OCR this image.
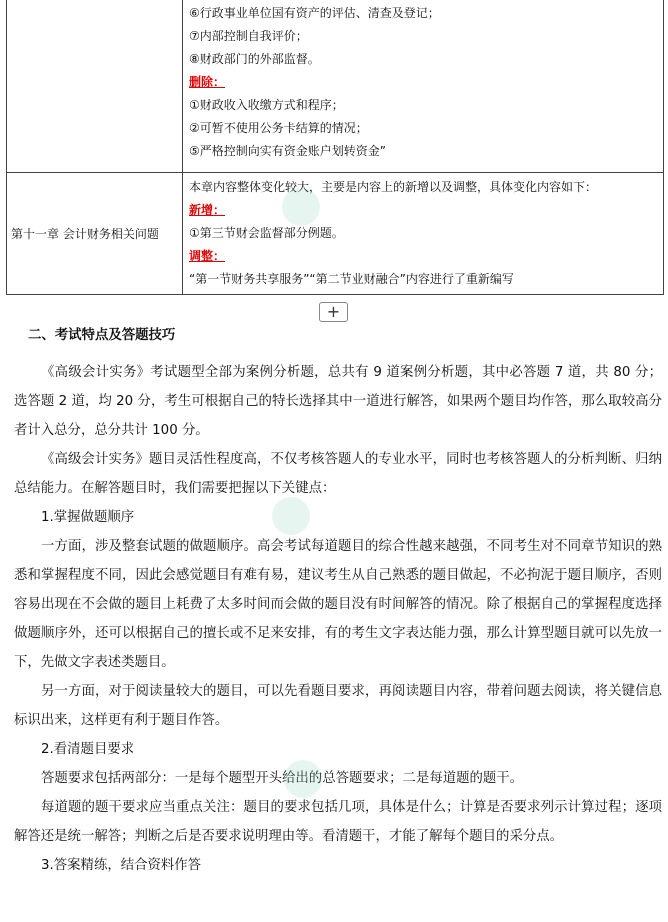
⑥行政事业单位国有资产的评估、清查及登记；
⑦内部控制自我评价；
⑧财政部门的外部监督。
删除：
①财政收入收缴方式和程序；
②可暂不使用公务卡结算的情况；
⑤严格控制向实有资金账户划转资金”
第十一章 会计财务相关问题
本章内容整体变化较大，主要是内容上的新增以及调整，具体变化内容如下：
新增：
①第三节财会监督部分例题。
调整：
“第一节财务共享服务”“第二节业财融合”内容进行了重新编写
+
二、考试特点及答题技巧
《高级会计实务》考试题型全部为案例分析题，总共有 9 道案例分析题，其中必答题 7 道，共 80 分；选答题 2 道，均 20 分，考生可根据自己的特长选择其中一道进行解答，如果两个题目均作答，那么取较高分者计入总分，总分共计 100 分。
《高级会计实务》题目灵活性程度高，不仅考核答题人的专业水平，同时也考核答题人的分析判断、归纳总结能力。在解答题目时，我们需要把握以下关键点：
1.掌握做题顺序
一方面，涉及整套试题的做题顺序。高会考试每道题目的综合性越来越强，不同考生对不同章节知识的熟悉和掌握程度不同，因此会感觉题目有难有易，建议考生从自己熟悉的题目做起，不必拘泥于题目顺序，否则容易出现在不会做的题目上耗费了太多时间而会做的题目没有时间解答的情况。除了根据自己的掌握程度选择做题顺序外，还可以根据自己的擅长或不足来安排，有的考生文字表达能力强，那么计算型题目就可以先放一下，先做文字表述类题目。
另一方面，对于阅读量较大的题目，可以先看题目要求，再阅读题目内容，带着问题去阅读，将关键信息标识出来，这样更有利于题目作答。
2.看清题目要求
答题要求包括两部分：一是每个题型开头给出的总答题要求；二是每道题的题干。
每道题的题干要求应当重点关注：题目的要求包括几项，具体是什么；计算是否要求列示计算过程；逐项解答还是统一解答；判断之后是否要求说明理由等。看清题干，才能了解每个题目的采分点。
3.答案精练，结合资料作答
